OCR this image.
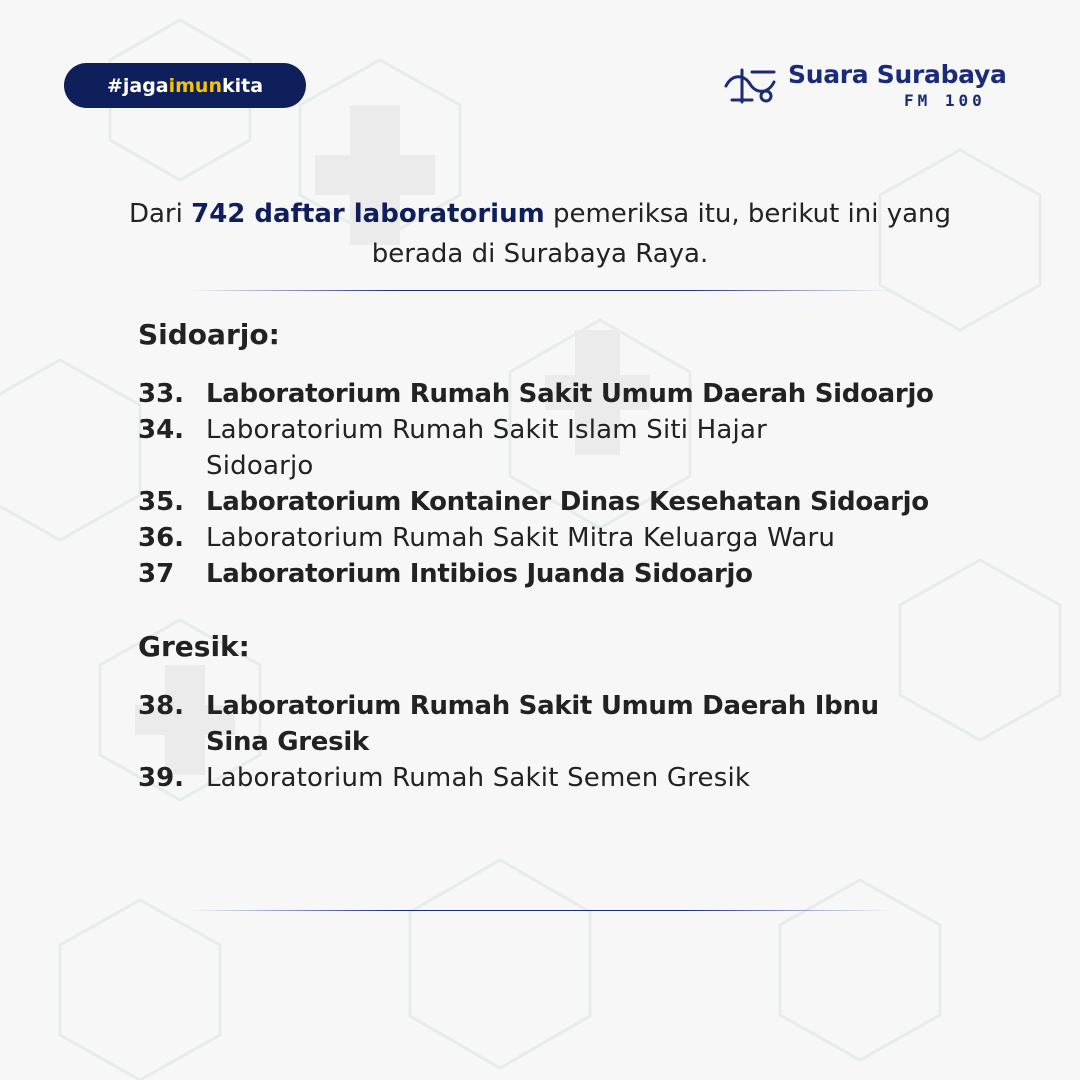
#jaga imun kita	Suara Surabaya
FM 100
Dari 742 daftar laboratorium pemeriksa itu, berikut ini yang berada di Surabaya Raya.
Sidoarjo:
33. Laboratorium Rumah Sakit Umum Daerah Sidoarjo
34. Laboratorium Rumah Sakit Islam Siti Hajar Sidoarjo
35. Laboratorium Kontainer Dinas Kesehatan Sidoarjo
36. Laboratorium Rumah Sakit Mitra Keluarga Waru
37	Laboratorium Intibios Juanda Sidoarjo
Gresik:
38. Laboratorium Rumah Sakit Umum Daerah Ibnu Sina Gresik
39. Laboratorium Rumah Sakit Semen Gresik
